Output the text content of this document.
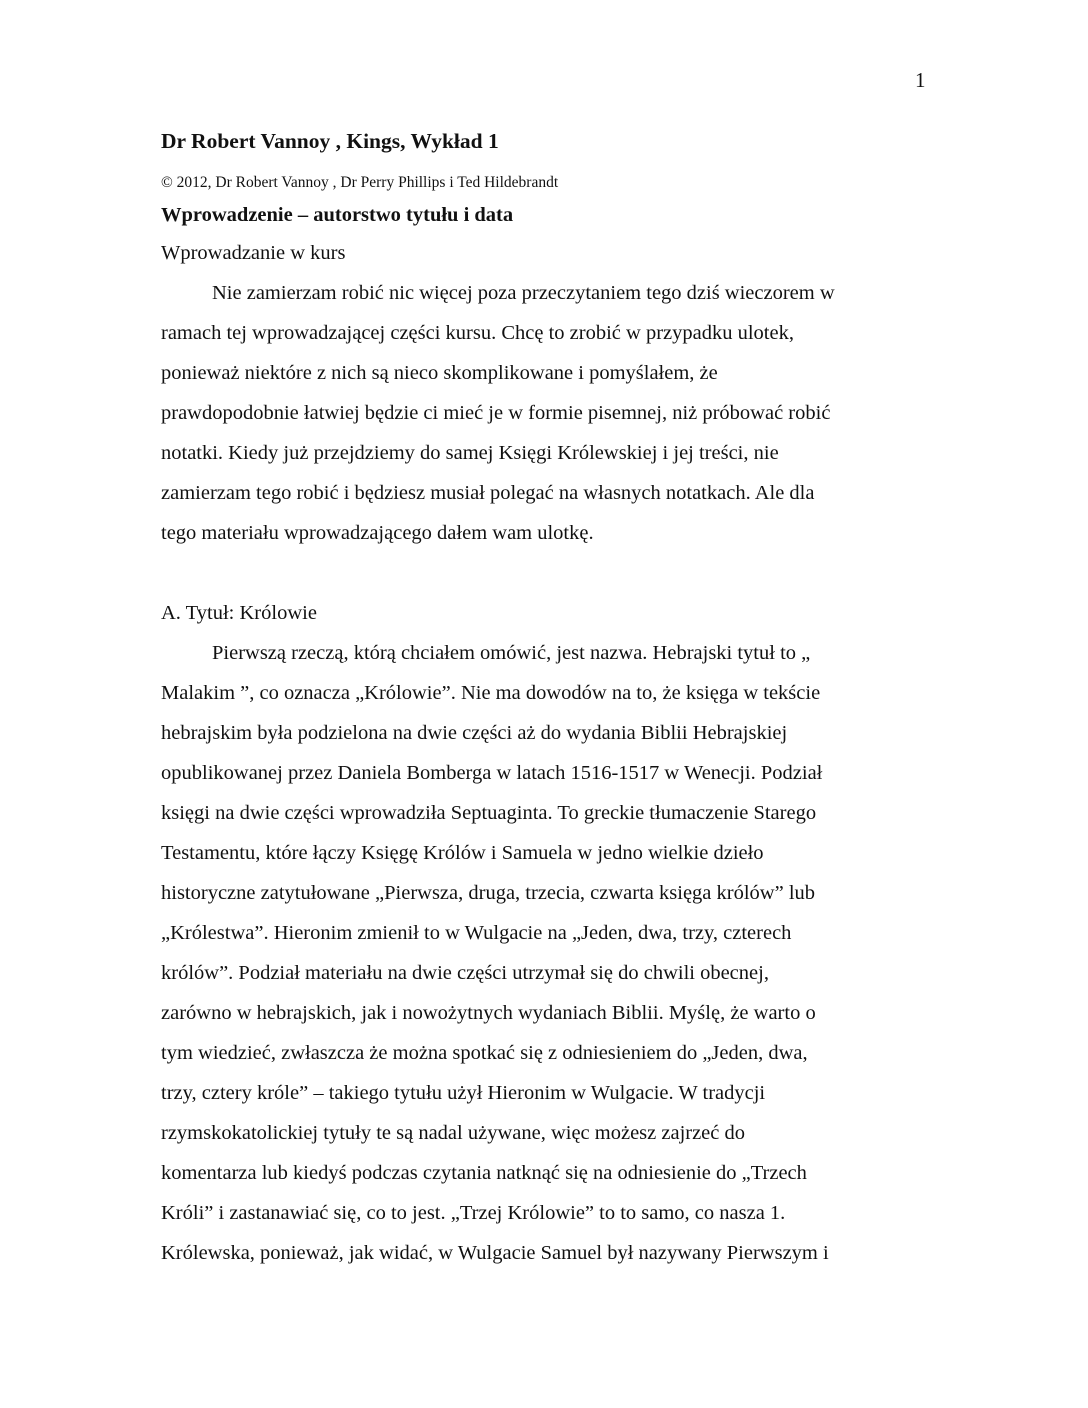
1
Dr Robert Vannoy , Kings, Wykład 1
© 2012, Dr Robert Vannoy , Dr Perry Phillips i Ted Hildebrandt
Wprowadzenie – autorstwo tytułu i data
Wprowadzanie w kurs
Nie zamierzam robić nic więcej poza przeczytaniem tego dziś wieczorem w
ramach tej wprowadzającej części kursu. Chcę to zrobić w przypadku ulotek,
ponieważ niektóre z nich są nieco skomplikowane i pomyślałem, że
prawdopodobnie łatwiej będzie ci mieć je w formie pisemnej, niż próbować robić
notatki. Kiedy już przejdziemy do samej Księgi Królewskiej i jej treści, nie
zamierzam tego robić i będziesz musiał polegać na własnych notatkach. Ale dla
tego materiału wprowadzającego dałem wam ulotkę.
A. Tytuł: Królowie
Pierwszą rzeczą, którą chciałem omówić, jest nazwa. Hebrajski tytuł to „
Malakim ”, co oznacza „Królowie”. Nie ma dowodów na to, że księga w tekście
hebrajskim była podzielona na dwie części aż do wydania Biblii Hebrajskiej
opublikowanej przez Daniela Bomberga w latach 1516-1517 w Wenecji. Podział
księgi na dwie części wprowadziła Septuaginta. To greckie tłumaczenie Starego
Testamentu, które łączy Księgę Królów i Samuela w jedno wielkie dzieło
historyczne zatytułowane „Pierwsza, druga, trzecia, czwarta księga królów” lub
„Królestwa”. Hieronim zmienił to w Wulgacie na „Jeden, dwa, trzy, czterech
królów”. Podział materiału na dwie części utrzymał się do chwili obecnej,
zarówno w hebrajskich, jak i nowożytnych wydaniach Biblii. Myślę, że warto o
tym wiedzieć, zwłaszcza że można spotkać się z odniesieniem do „Jeden, dwa,
trzy, cztery króle” – takiego tytułu użył Hieronim w Wulgacie. W tradycji
rzymskokatolickiej tytuły te są nadal używane, więc możesz zajrzeć do
komentarza lub kiedyś podczas czytania natknąć się na odniesienie do „Trzech
Króli” i zastanawiać się, co to jest. „Trzej Królowie” to to samo, co nasza 1.
Królewska, ponieważ, jak widać, w Wulgacie Samuel był nazywany Pierwszym i
